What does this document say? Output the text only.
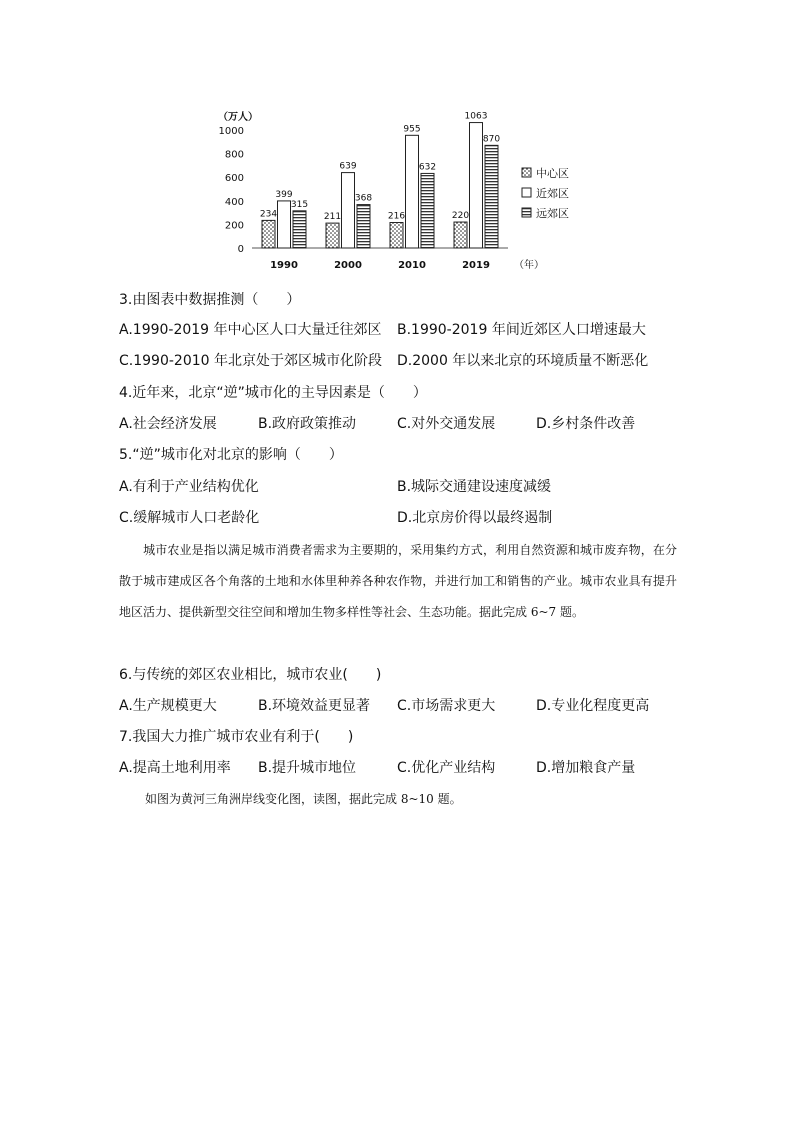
（万人）
0
200
400
600
800
1000
234
399
315
1990
211
639
368
2000
216
955
632
2010
220
1063
870
2019 （年）
中心区
近郊区
远郊区
3.由图表中数据推测（　　）
A.1990-2019 年中心区人口大量迁往郊区 B.1990-2019 年间近郊区人口增速最大
C.1990-2010 年北京处于郊区城市化阶段 D.2000 年以来北京的环境质量不断恶化
4.近年来，北京“逆”城市化的主导因素是（　　）
A.社会经济发展	B.政府政策推动	C.对外交通发展	D.乡村条件改善
5.“逆”城市化对北京的影响（　　）
A.有利于产业结构优化	B.城际交通建设速度减缓
C.缓解城市人口老龄化	D.北京房价得以最终遏制
城市农业是指以满足城市消费者需求为主要期的，采用集约方式，利用自然资源和城市废弃物，在分散于城市建成区各个角落的土地和水体里种养各种农作物，并进行加工和销售的产业。城市农业具有提升地区活力、提供新型交往空间和增加生物多样性等社会、生态功能。据此完成 6~7 题。
6.与传统的郊区农业相比，城市农业(　　)
A.生产规模更大	B.环境效益更显著 C.市场需求更大	D.专业化程度更高
7.我国大力推广城市农业有利于(　　)
A.提高土地利用率 B.提升城市地位	C.优化产业结构	D.增加粮食产量
如图为黄河三角洲岸线变化图，读图，据此完成 8~10 题。
